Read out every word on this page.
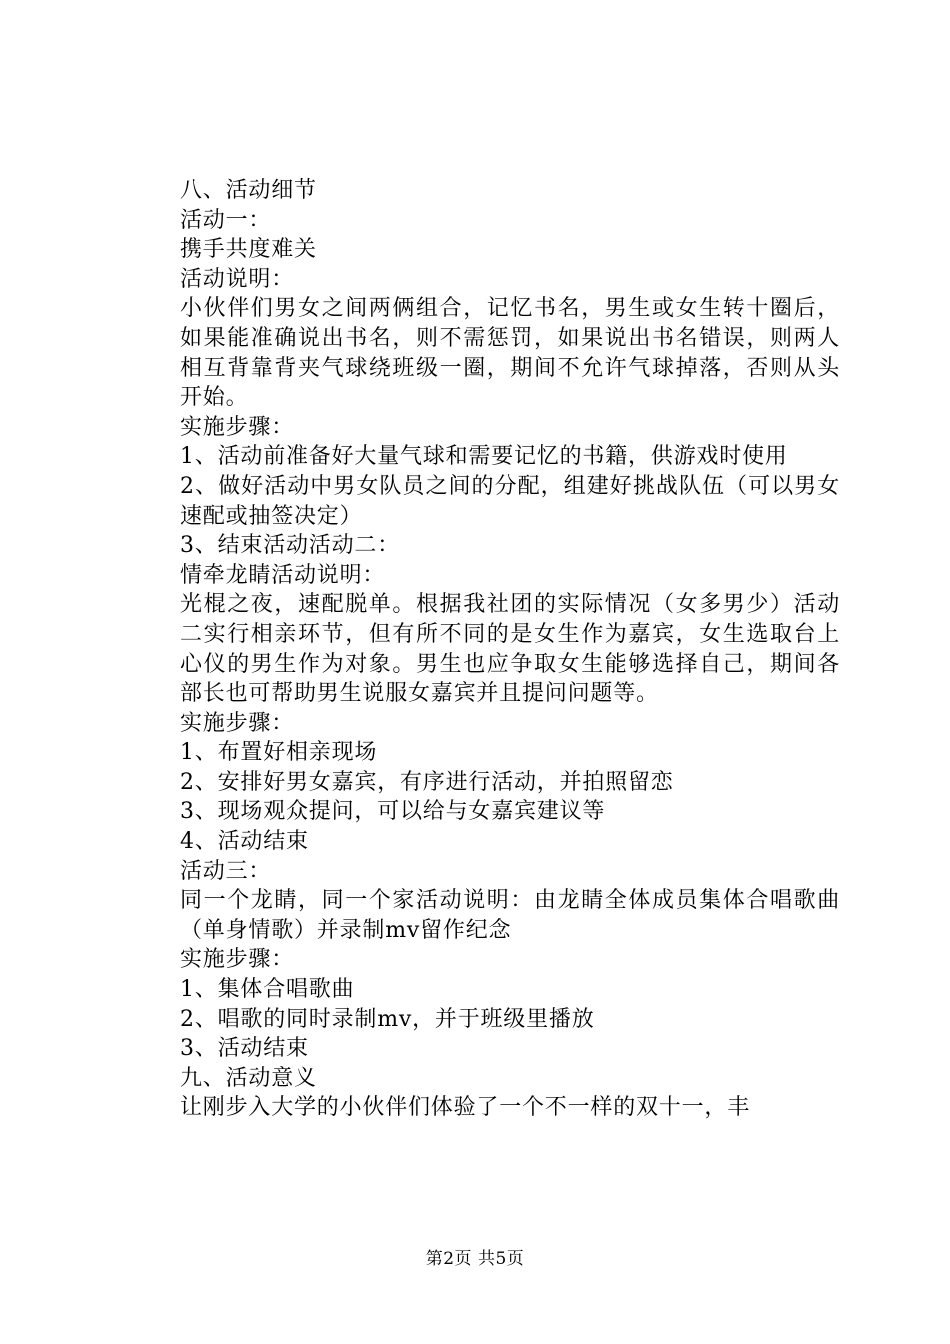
八、活动细节
活动一：
携手共度难关
活动说明：
小伙伴们男女之间两俩组合，记忆书名，男生或女生转十圈后，如果能准确说出书名，则不需惩罚，如果说出书名错误，则两人相互背靠背夹气球绕班级一圈，期间不允许气球掉落，否则从头开始。
实施步骤：
1、活动前准备好大量气球和需要记忆的书籍，供游戏时使用
2、做好活动中男女队员之间的分配，组建好挑战队伍（可以男女速配或抽签决定）
3、结束活动活动二：
情牵龙睛活动说明：
光棍之夜，速配脱单。根据我社团的实际情况（女多男少）活动二实行相亲环节，但有所不同的是女生作为嘉宾，女生选取台上心仪的男生作为对象。男生也应争取女生能够选择自己，期间各部长也可帮助男生说服女嘉宾并且提问问题等。
实施步骤：
1、布置好相亲现场
2、安排好男女嘉宾，有序进行活动，并拍照留恋
3、现场观众提问，可以给与女嘉宾建议等
4、活动结束
活动三：
同一个龙睛，同一个家活动说明：由龙睛全体成员集体合唱歌曲（单身情歌）并录制mv留作纪念
实施步骤：
1、集体合唱歌曲
2、唱歌的同时录制mv，并于班级里播放
3、活动结束
九、活动意义
让刚步入大学的小伙伴们体验了一个不一样的双十一，丰
第2页 共5页
